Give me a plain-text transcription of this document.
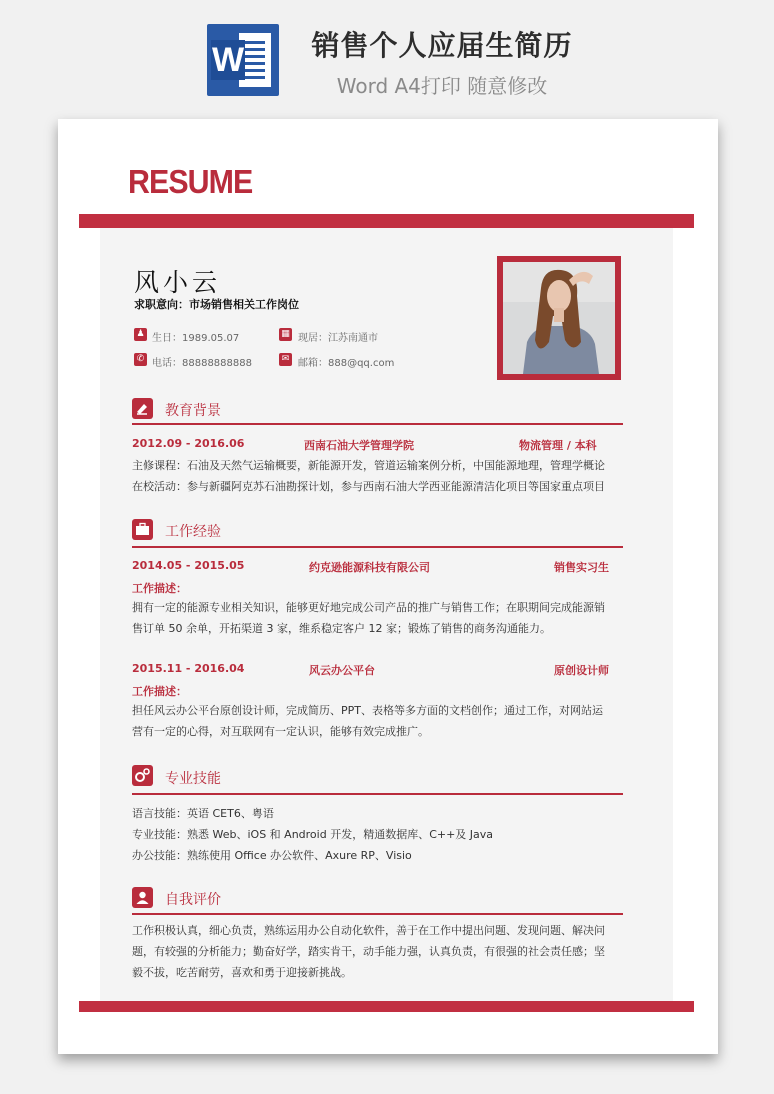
W	销售个人应届生简历
Word A4打印 随意修改
RESUME
风小云
求职意向：市场销售相关工作岗位
♟ 生日：1989.05.07	▦ 现居：江苏南通市
✆ 电话：88888888888	✉ 邮箱：888@qq.com
教育背景
2012.09 - 2016.06	西南石油大学管理学院	物流管理 / 本科
主修课程：石油及天然气运输概要，新能源开发，管道运输案例分析，中国能源地理，管理学概论
在校活动：参与新疆阿克苏石油勘探计划，参与西南石油大学西亚能源清洁化项目等国家重点项目
工作经验
2014.05 - 2015.05	约克逊能源科技有限公司	销售实习生
工作描述：
拥有一定的能源专业相关知识，能够更好地完成公司产品的推广与销售工作；在职期间完成能源销
售订单 50 余单，开拓渠道 3 家，维系稳定客户 12 家；锻炼了销售的商务沟通能力。
2015.11 - 2016.04	风云办公平台	原创设计师
工作描述：
担任风云办公平台原创设计师，完成简历、PPT、表格等多方面的文档创作；通过工作，对网站运
营有一定的心得，对互联网有一定认识，能够有效完成推广。
专业技能
语言技能：英语 CET6、粤语
专业技能：熟悉 Web、iOS 和 Android 开发，精通数据库、C++及 Java
办公技能：熟练使用 Office 办公软件、Axure RP、Visio
自我评价
工作积极认真，细心负责，熟练运用办公自动化软件，善于在工作中提出问题、发现问题、解决问
题，有较强的分析能力；勤奋好学，踏实肯干，动手能力强，认真负责，有很强的社会责任感；坚
毅不拔，吃苦耐劳，喜欢和勇于迎接新挑战。
